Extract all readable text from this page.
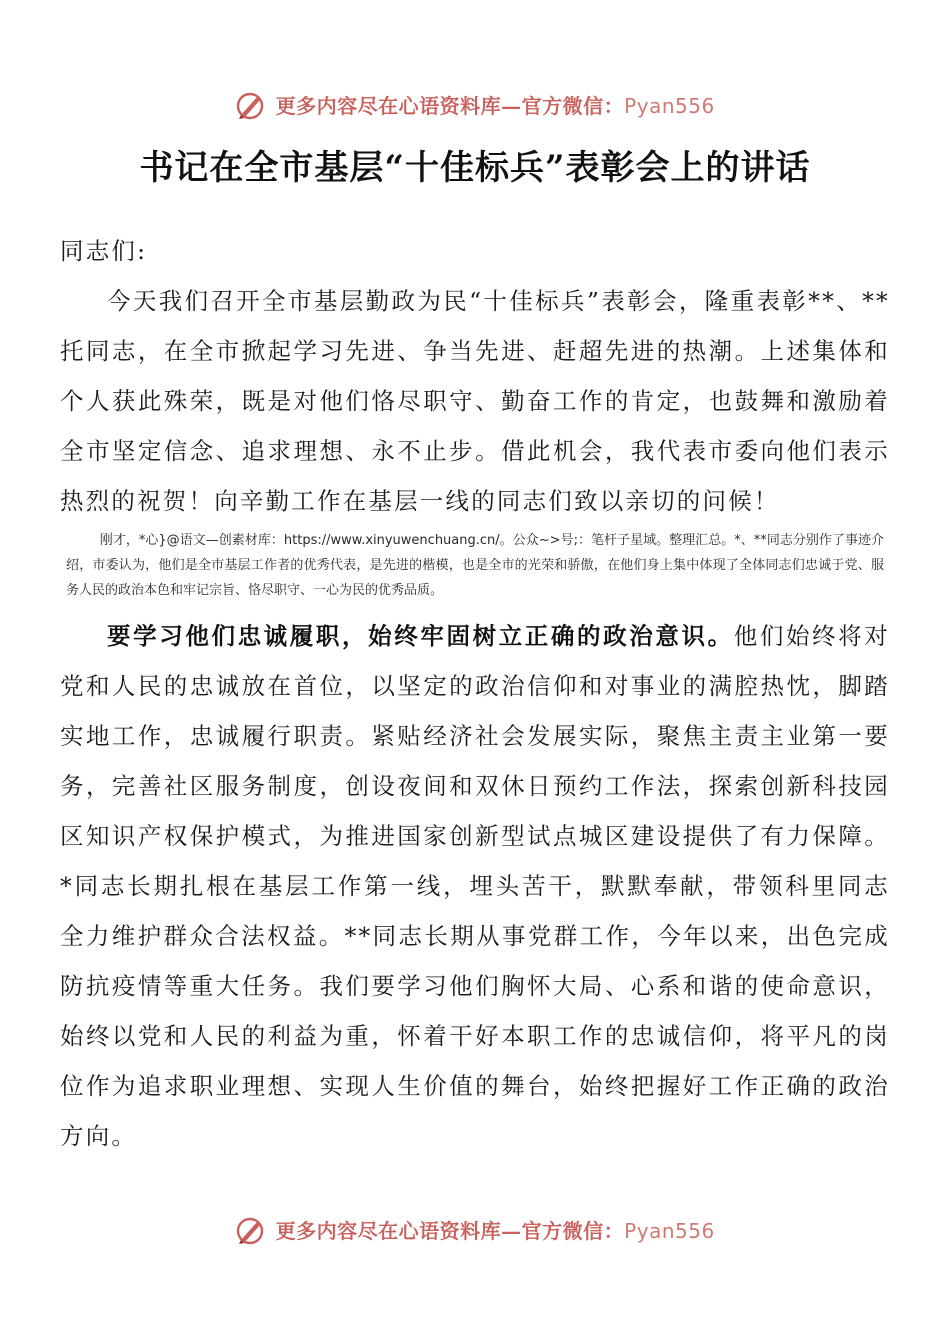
更多内容尽在心语资料库—官方微信：Pyan556
书记在全市基层“十佳标兵”表彰会上的讲话

同志们:

今天我们召开全市基层勤政为民“十佳标兵”表彰会，隆重表彰**、**托同志，在全市掀起学习先进、争当先进、赶超先进的热潮。上述集体和个人获此殊荣，既是对他们恪尽职守、勤奋工作的肯定，也鼓舞和激励着全市坚定信念、追求理想、永不止步。借此机会，我代表市委向他们表示热烈的祝贺！向辛勤工作在基层一线的同志们致以亲切的问候！

刚才，*心}@语文—创素材库：https://www.xinyuwenchuang.cn/。公众~>号;：笔杆子星域。整理汇总。*、**同志分别作了事迹介绍，市委认为，他们是全市基层工作者的优秀代表，是先进的楷模，也是全市的光荣和骄傲，在他们身上集中体现了全体同志们忠诚于党、服务人民的政治本色和牢记宗旨、恪尽职守、一心为民的优秀品质。

要学习他们忠诚履职，始终牢固树立正确的政治意识。他们始终将对党和人民的忠诚放在首位，以坚定的政治信仰和对事业的满腔热忱，脚踏实地工作，忠诚履行职责。紧贴经济社会发展实际，聚焦主责主业第一要务，完善社区服务制度，创设夜间和双休日预约工作法，探索创新科技园区知识产权保护模式，为推进国家创新型试点城区建设提供了有力保障。*同志长期扎根在基层工作第一线，埋头苦干，默默奉献，带领科里同志全力维护群众合法权益。**同志长期从事党群工作，今年以来，出色完成防抗疫情等重大任务。我们要学习他们胸怀大局、心系和谐的使命意识，始终以党和人民的利益为重，怀着干好本职工作的忠诚信仰，将平凡的岗位作为追求职业理想、实现人生价值的舞台，始终把握好工作正确的政治方向。

更多内容尽在心语资料库—官方微信：Pyan556
